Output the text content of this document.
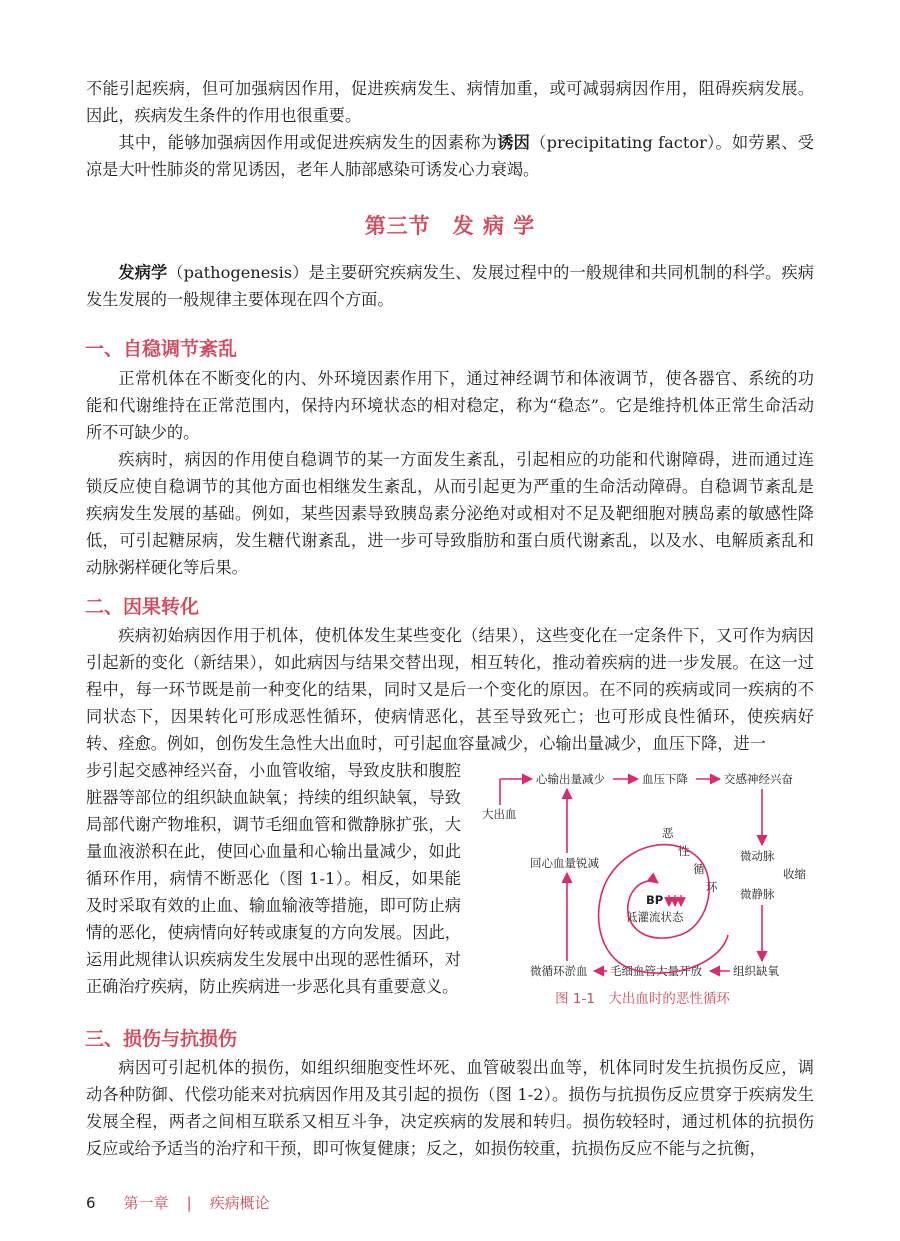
不能引起疾病，但可加强病因作用，促进疾病发生、病情加重，或可减弱病因作用，阻碍疾病发展。因此，疾病发生条件的作用也很重要。

其中，能够加强病因作用或促进疾病发生的因素称为诱因（precipitating factor）。如劳累、受凉是大叶性肺炎的常见诱因，老年人肺部感染可诱发心力衰竭。

第三节　发 病 学

发病学（pathogenesis）是主要研究疾病发生、发展过程中的一般规律和共同机制的科学。疾病发生发展的一般规律主要体现在四个方面。

一、自稳调节紊乱

正常机体在不断变化的内、外环境因素作用下，通过神经调节和体液调节，使各器官、系统的功能和代谢维持在正常范围内，保持内环境状态的相对稳定，称为“稳态”。它是维持机体正常生命活动所不可缺少的。

疾病时，病因的作用使自稳调节的某一方面发生紊乱，引起相应的功能和代谢障碍，进而通过连锁反应使自稳调节的其他方面也相继发生紊乱，从而引起更为严重的生命活动障碍。自稳调节紊乱是疾病发生发展的基础。例如，某些因素导致胰岛素分泌绝对或相对不足及靶细胞对胰岛素的敏感性降低，可引起糖尿病，发生糖代谢紊乱，进一步可导致脂肪和蛋白质代谢紊乱，以及水、电解质紊乱和动脉粥样硬化等后果。

二、因果转化

疾病初始病因作用于机体，使机体发生某些变化（结果），这些变化在一定条件下，又可作为病因引起新的变化（新结果），如此病因与结果交替出现，相互转化，推动着疾病的进一步发展。在这一过程中，每一环节既是前一种变化的结果，同时又是后一个变化的原因。在不同的疾病或同一疾病的不同状态下，因果转化可形成恶性循环，使病情恶化，甚至导致死亡；也可形成良性循环，使疾病好转、痊愈。例如，创伤发生急性大出血时，可引起血容量减少，心输出量减少，血压下降，进一

步引起交感神经兴奋，小血管收缩，导致皮肤和腹腔脏器等部位的组织缺血缺氧；持续的组织缺氧，导致局部代谢产物堆积，调节毛细血管和微静脉扩张，大量血液淤积在此，使回心血量和心输出量减少，如此循环作用，病情不断恶化（图 1-1）。相反，如果能及时采取有效的止血、输血输液等措施，即可防止病情的恶化，使病情向好转或康复的方向发展。因此，运用此规律认识疾病发生发展中出现的恶性循环，对正确治疗疾病，防止疾病进一步恶化具有重要意义。

心输出量减少	血压下降	交感神经兴奋
大出血
回心血量锐减	微动脉
收缩
微静脉
微循环淤血 毛细血管大量开放	组织缺氧
恶
性
循
环
BP
低灌流状态
图 1-1　大出血时的恶性循环
三、损伤与抗损伤

病因可引起机体的损伤，如组织细胞变性坏死、血管破裂出血等，机体同时发生抗损伤反应，调动各种防御、代偿功能来对抗病因作用及其引起的损伤（图 1-2）。损伤与抗损伤反应贯穿于疾病发生发展全程，两者之间相互联系又相互斗争，决定疾病的发展和转归。损伤较轻时，通过机体的抗损伤反应或给予适当的治疗和干预，即可恢复健康；反之，如损伤较重，抗损伤反应不能与之抗衡，

6 第一章 | 疾病概论
